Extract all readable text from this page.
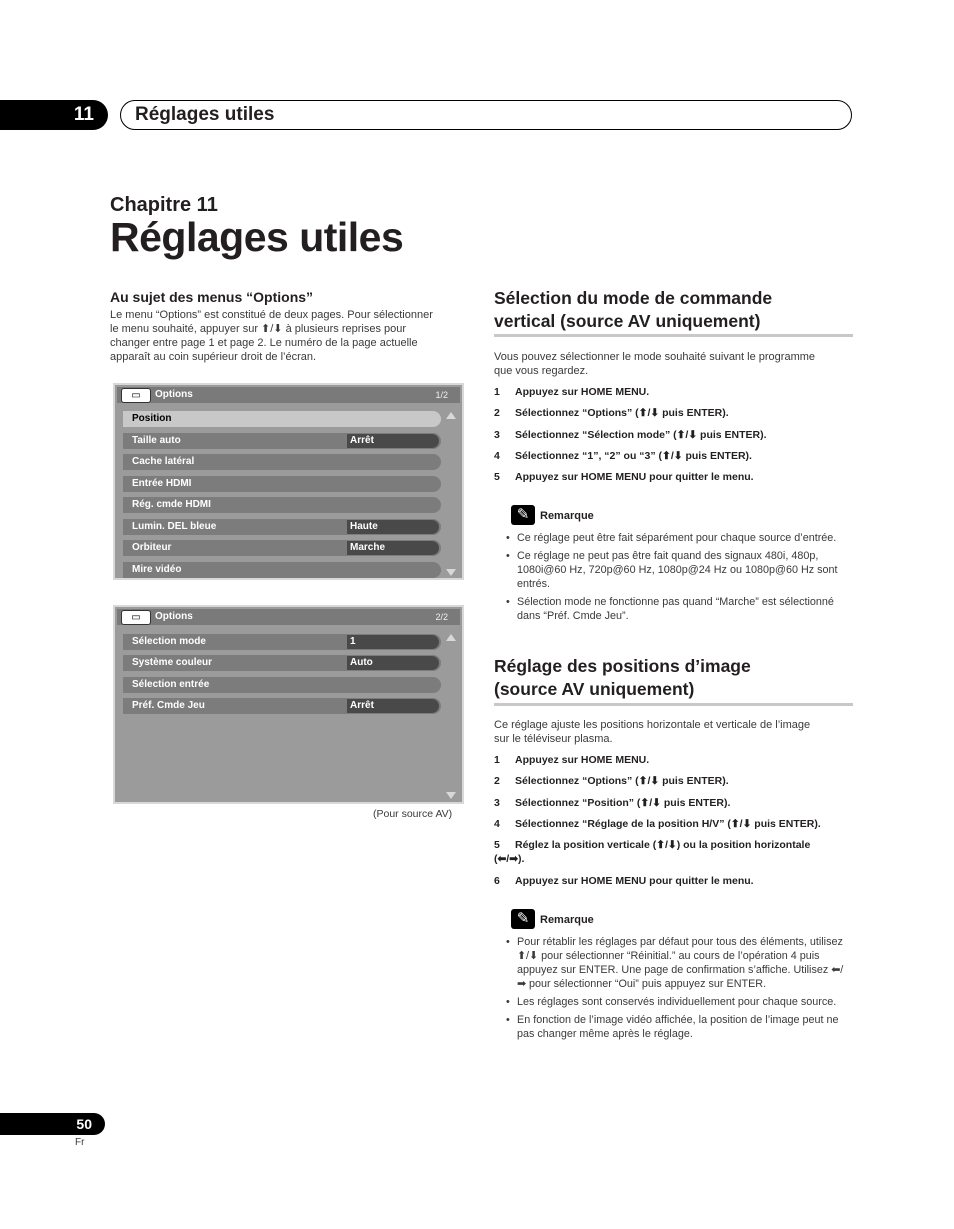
11	Réglages utiles
Chapitre 11
Réglages utiles
Au sujet des menus “Options”
Le menu “Options” est constitué de deux pages. Pour sélectionner
le menu souhaité, appuyer sur ⬆/⬇ à plusieurs reprises pour
changer entre page 1 et page 2. Le numéro de la page actuelle
apparaît au coin supérieur droit de l’écran.
▭	Options	1/2
Position
Taille auto	Arrêt
Cache latéral
Entrée HDMI
Rég. cmde HDMI
Lumin. DEL bleue	Haute
Orbiteur	Marche
Mire vidéo
▭	Options	2/2
Sélection mode	1
Système couleur	Auto
Sélection entrée
Préf. Cmde Jeu	Arrêt
(Pour source AV)
Sélection du mode de commande
vertical (source AV uniquement)
Vous pouvez sélectionner le mode souhaité suivant le programme
que vous regardez.
1 Appuyez sur HOME MENU.
2 Sélectionnez “Options” (⬆/⬇ puis ENTER).
3 Sélectionnez “Sélection mode” (⬆/⬇ puis ENTER).
4 Sélectionnez “1”, “2” ou “3” (⬆/⬇ puis ENTER).
5 Appuyez sur HOME MENU pour quitter le menu.
✎ Remarque
• Ce réglage peut être fait séparément pour chaque source d’entrée.
• Ce réglage ne peut pas être fait quand des signaux 480i, 480p, 1080i@60 Hz, 720p@60 Hz, 1080p@24 Hz ou 1080p@60 Hz sont entrés.
• Sélection mode ne fonctionne pas quand “Marche” est sélectionné dans “Préf. Cmde Jeu”.
Réglage des positions d’image
(source AV uniquement)
Ce réglage ajuste les positions horizontale et verticale de l’image
sur le téléviseur plasma.
1 Appuyez sur HOME MENU.
2 Sélectionnez “Options” (⬆/⬇ puis ENTER).
3 Sélectionnez “Position” (⬆/⬇ puis ENTER).
4 Sélectionnez “Réglage de la position H/V” (⬆/⬇ puis ENTER).
5 Réglez la position verticale (⬆/⬇) ou la position horizontale
(⬅/➡).
6 Appuyez sur HOME MENU pour quitter le menu.
✎ Remarque
• Pour rétablir les réglages par défaut pour tous des éléments, utilisez ⬆/⬇ pour sélectionner “Réinitial.” au cours de l’opération 4 puis appuyez sur ENTER. Une page de confirmation s’affiche. Utilisez ⬅/➡ pour sélectionner “Oui” puis appuyez sur ENTER.
• Les réglages sont conservés individuellement pour chaque source.
• En fonction de l’image vidéo affichée, la position de l’image peut ne pas changer même après le réglage.
50
Fr
